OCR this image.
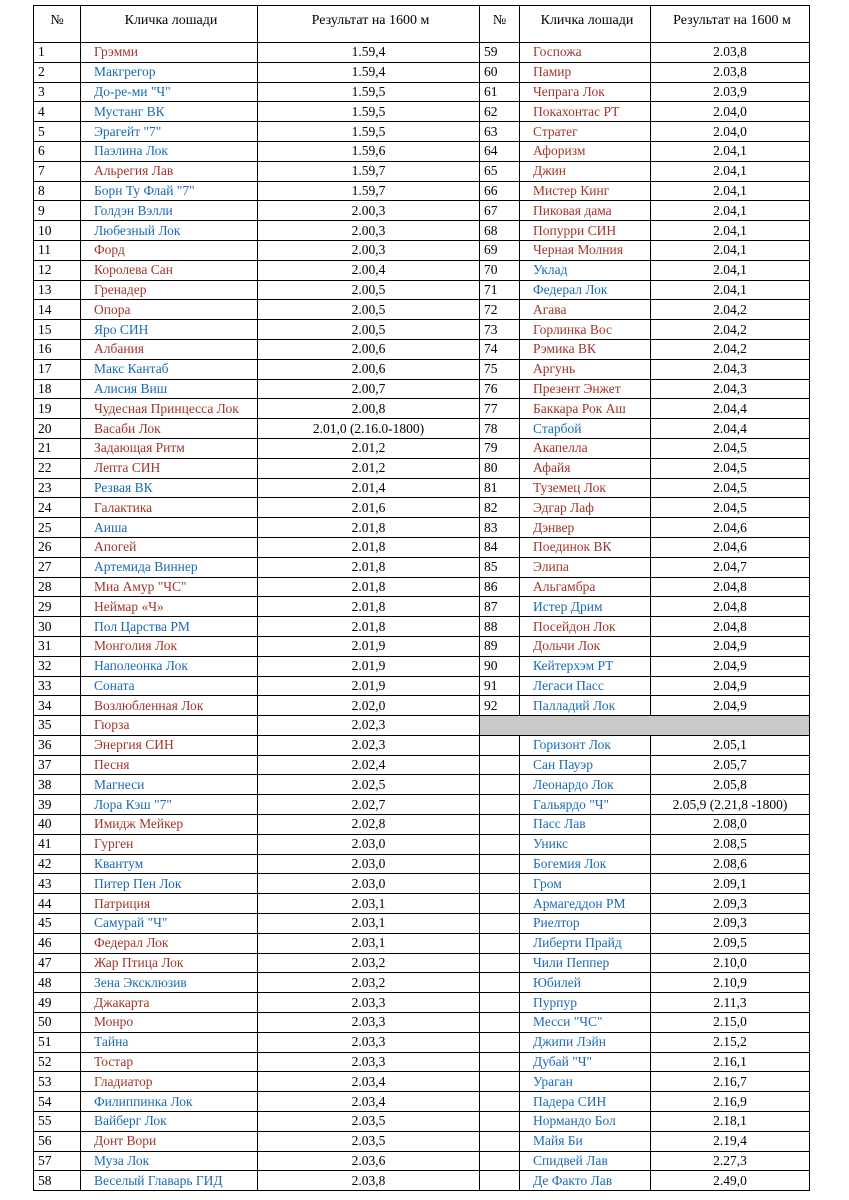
№	Кличка лошади	Результат на 1600 м	№	Кличка лошади	Результат на 1600 м
1	Грэмми	1.59,4	59	Госпожа	2.03,8
2	Макгрегор	1.59,4	60	Памир	2.03,8
3	До-ре-ми "Ч"	1.59,5	61	Чепрага Лок	2.03,9
4	Мустанг ВК	1.59,5	62	Покахонтас РТ	2.04,0
5	Эрагейт "7"	1.59,5	63	Стратег	2.04,0
6	Паэлина Лок	1.59,6	64	Афоризм	2.04,1
7	Альрегия Лав	1.59,7	65	Джин	2.04,1
8	Борн Ту Флай "7"	1.59,7	66	Мистер Кинг	2.04,1
9	Голдэн Вэлли	2.00,3	67	Пиковая дама	2.04,1
10	Любезный Лок	2.00,3	68	Попурри СИН	2.04,1
11	Форд	2.00,3	69	Черная Молния	2.04,1
12	Королева Сан	2.00,4	70	Уклад	2.04,1
13	Гренадер	2.00,5	71	Федерал Лок	2.04,1
14	Опора	2.00,5	72	Агава	2.04,2
15	Яро СИН	2.00,5	73	Горлинка Вос	2.04,2
16	Албания	2.00,6	74	Рэмика ВК	2.04,2
17	Макс Кантаб	2.00,6	75	Аргунь	2.04,3
18	Алисия Виш	2.00,7	76	Презент Энжет	2.04,3
19	Чудесная Принцесса Лок	2.00,8	77	Баккара Рок Аш	2.04,4
20	Васаби Лок	2.01,0 (2.16.0-1800)	78	Старбой	2.04,4
21	Задающая Ритм	2.01,2	79	Акапелла	2.04,5
22	Лепта СИН	2.01,2	80	Афайя	2.04,5
23	Резвая ВК	2.01,4	81	Туземец Лок	2.04,5
24	Галактика	2.01,6	82	Эдгар Лаф	2.04,5
25	Аиша	2.01,8	83	Дэнвер	2.04,6
26	Апогей	2.01,8	84	Поединок ВК	2.04,6
27	Артемида Виннер	2.01,8	85	Элипа	2.04,7
28	Миа Амур "ЧС"	2.01,8	86	Альгамбра	2.04,8
29	Неймар «Ч»	2.01,8	87	Истер Дрим	2.04,8
30	Пол Царства РМ	2.01,8	88	Посейдон Лок	2.04,8
31	Монголия Лок	2.01,9	89	Дольчи Лок	2.04,9
32	Наполеонка Лок	2.01,9	90	Кейтерхэм РТ	2.04,9
33	Соната	2.01,9	91	Легаси Пасс	2.04,9
34	Возлюбленная Лок	2.02,0	92	Палладий Лок	2.04,9
35	Гюрза	2.02,3			
36	Энергия СИН	2.02,3		Горизонт Лок	2.05,1
37	Песня	2.02,4		Сан Пауэр	2.05,7
38	Магнеси	2.02,5		Леонардо Лок	2.05,8
39	Лора Кэш "7"	2.02,7		Гальярдо "Ч"	2.05,9 (2.21,8 -1800)
40	Имидж Мейкер	2.02,8		Пасс Лав	2.08,0
41	Гурген	2.03,0		Уникс	2.08,5
42	Квантум	2.03,0		Богемия Лок	2.08,6
43	Питер Пен Лок	2.03,0		Гром	2.09,1
44	Патриция	2.03,1		Армагеддон РМ	2.09,3
45	Самурай "Ч"	2.03,1		Риелтор	2.09,3
46	Федерал Лок	2.03,1		Либерти Прайд	2.09,5
47	Жар Птица Лок	2.03,2		Чили Пеппер	2.10,0
48	Зена Эксклюзив	2.03,2		Юбилей	2.10,9
49	Джакарта	2.03,3		Пурпур	2.11,3
50	Монро	2.03,3		Месси "ЧС"	2.15,0
51	Тайна	2.03,3		Джипи Лэйн	2.15,2
52	Тостар	2.03,3		Дубай "Ч"	2.16,1
53	Гладиатор	2.03,4		Ураган	2.16,7
54	Филиппинка Лок	2.03,4		Падера СИН	2.16,9
55	Вайберг Лок	2.03,5		Нормандо Бол	2.18,1
56	Донт Вори	2.03,5		Майя Би	2.19,4
57	Муза Лок	2.03,6		Спидвей Лав	2.27,3
58	Веселый Главарь ГИД	2.03,8		Де Факто Лав	2.49,0
